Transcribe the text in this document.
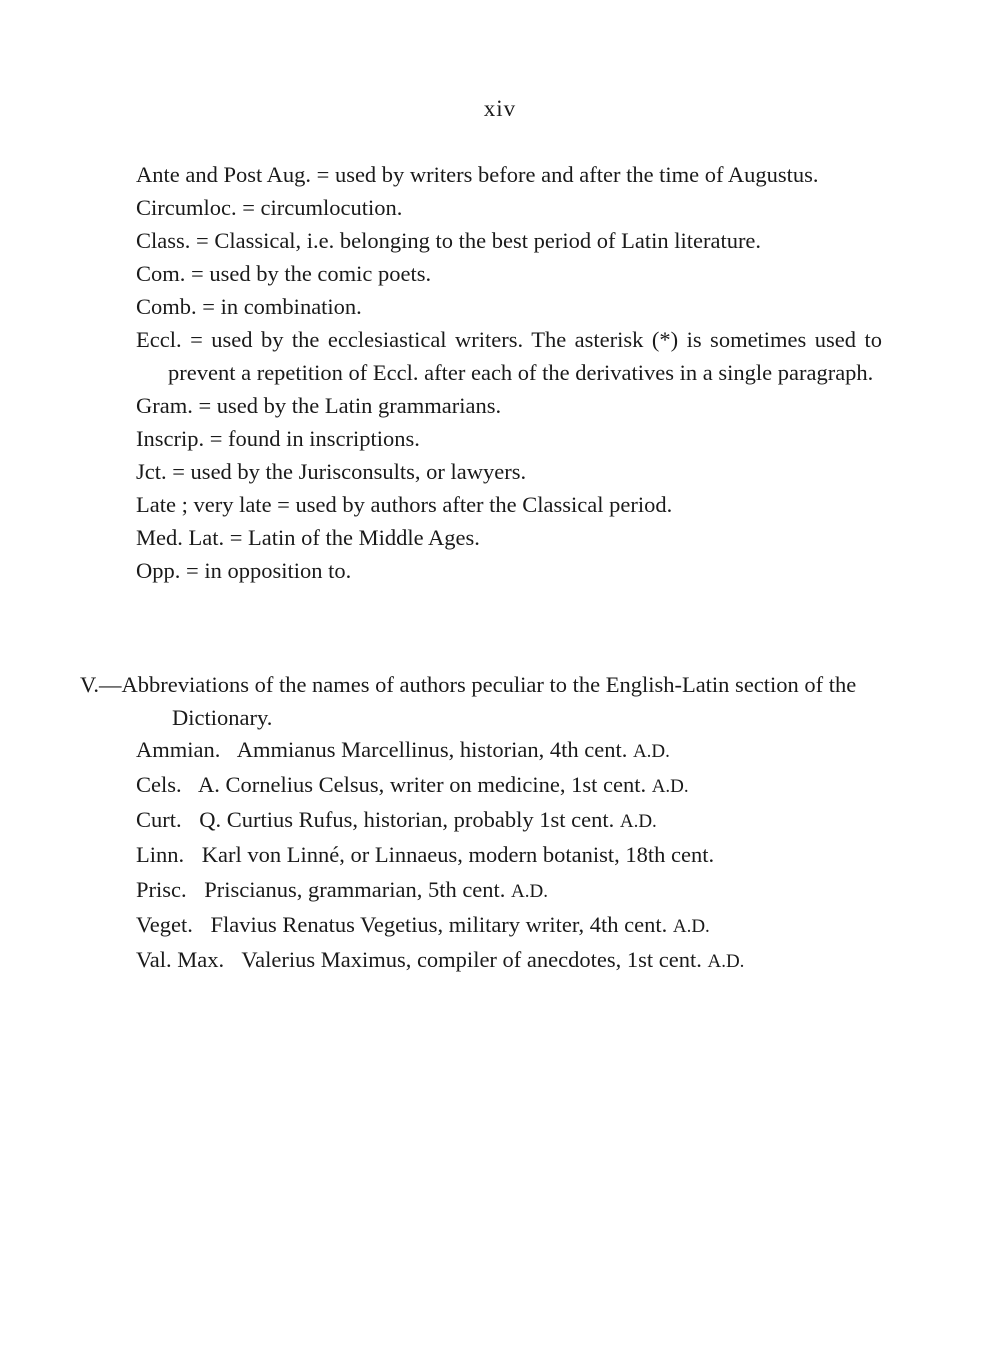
xiv
Ante and Post Aug. = used by writers before and after the time of Augustus.
Circumloc. = circumlocution.
Class. = Classical, i.e. belonging to the best period of Latin literature.
Com. = used by the comic poets.
Comb. = in combination.
Eccl. = used by the ecclesiastical writers. The asterisk (*) is sometimes used to prevent a repetition of Eccl. after each of the derivatives in a single paragraph.
Gram. = used by the Latin grammarians.
Inscrip. = found in inscriptions.
Jct. = used by the Jurisconsults, or lawyers.
Late ; very late = used by authors after the Classical period.
Med. Lat. = Latin of the Middle Ages.
Opp. = in opposition to.
V.—Abbreviations of the names of authors peculiar to the English-Latin section of the Dictionary.
Ammian. Ammianus Marcellinus, historian, 4th cent. A.D.
Cels. A. Cornelius Celsus, writer on medicine, 1st cent. A.D.
Curt. Q. Curtius Rufus, historian, probably 1st cent. A.D.
Linn. Karl von Linné, or Linnaeus, modern botanist, 18th cent.
Prisc. Priscianus, grammarian, 5th cent. A.D.
Veget. Flavius Renatus Vegetius, military writer, 4th cent. A.D.
Val. Max. Valerius Maximus, compiler of anecdotes, 1st cent. A.D.
